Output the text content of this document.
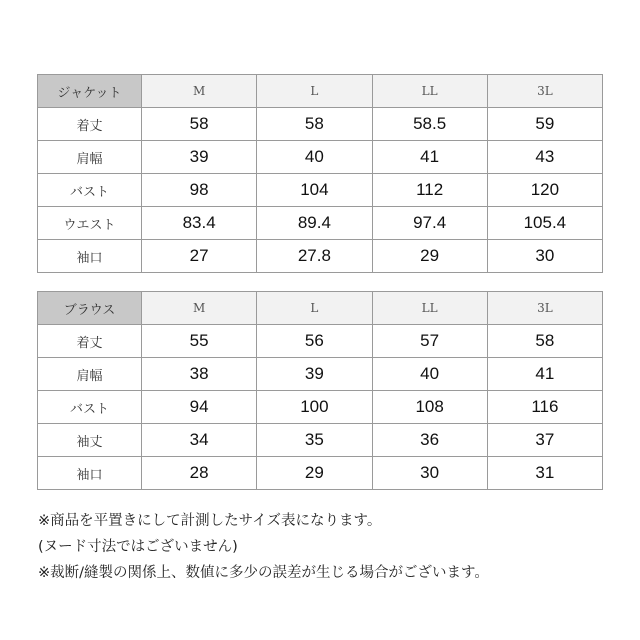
ジャケット	M	L	LL	3L
着丈	58	58	58.5	59
肩幅	39	40	41	43
バスト	98	104	112	120
ウエスト	83.4	89.4	97.4	105.4
袖口	27	27.8	29	30
ブラウス	M	L	LL	3L
着丈	55	56	57	58
肩幅	38	39	40	41
バスト	94	100	108	116
袖丈	34	35	36	37
袖口	28	29	30	31
※商品を平置きにして計測したサイズ表になります。
(ヌード寸法ではございません)
※裁断/縫製の関係上、数値に多少の誤差が生じる場合がございます。
